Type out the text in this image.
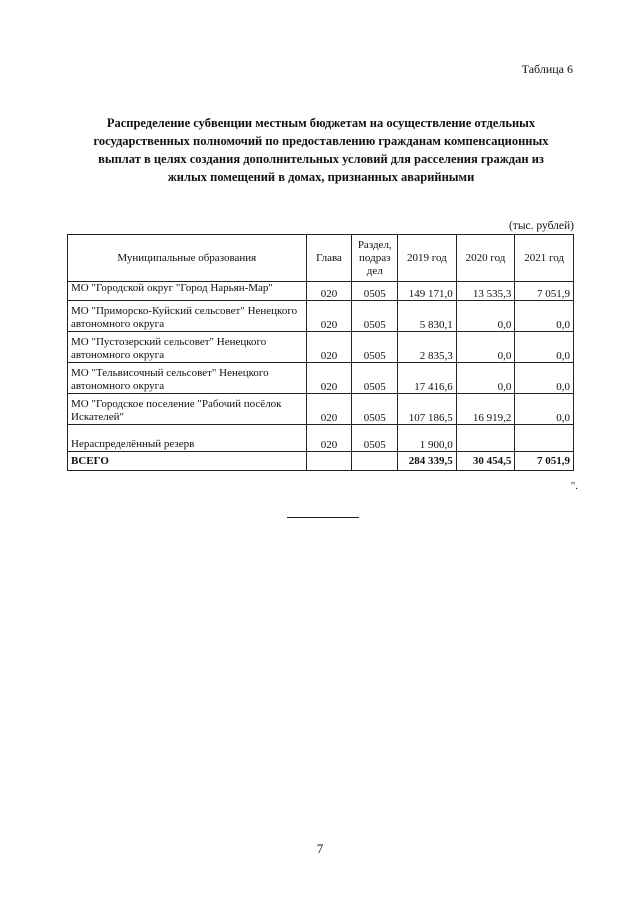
Таблица 6
Распределение субвенции местным бюджетам на осуществление отдельных государственных полномочий по предоставлению гражданам компенсационных выплат в целях создания дополнительных условий для расселения граждан из жилых помещений в домах, признанных аварийными
(тыс. рублей)
Муниципальные образования	Глава	Раздел, подраз дел	2019 год	2020 год	2021 год
МО "Городской округ "Город Нарьян-Мар"	020	0505	149 171,0	13 535,3	7 051,9
МО "Приморско-Куйский сельсовет" Ненецкого автономного округа	020	0505	5 830,1	0,0	0,0
МО "Пустозерский сельсовет" Ненецкого автономного округа	020	0505	2 835,3	0,0	0,0
МО "Тельвисочный сельсовет" Ненецкого автономного округа	020	0505	17 416,6	0,0	0,0
МО "Городское поселение "Рабочий посёлок Искателей"	020	0505	107 186,5	16 919,2	0,0
Нераспределённый резерв	020	0505	1 900,0		
ВСЕГО			284 339,5	30 454,5	7 051,9
".
7
